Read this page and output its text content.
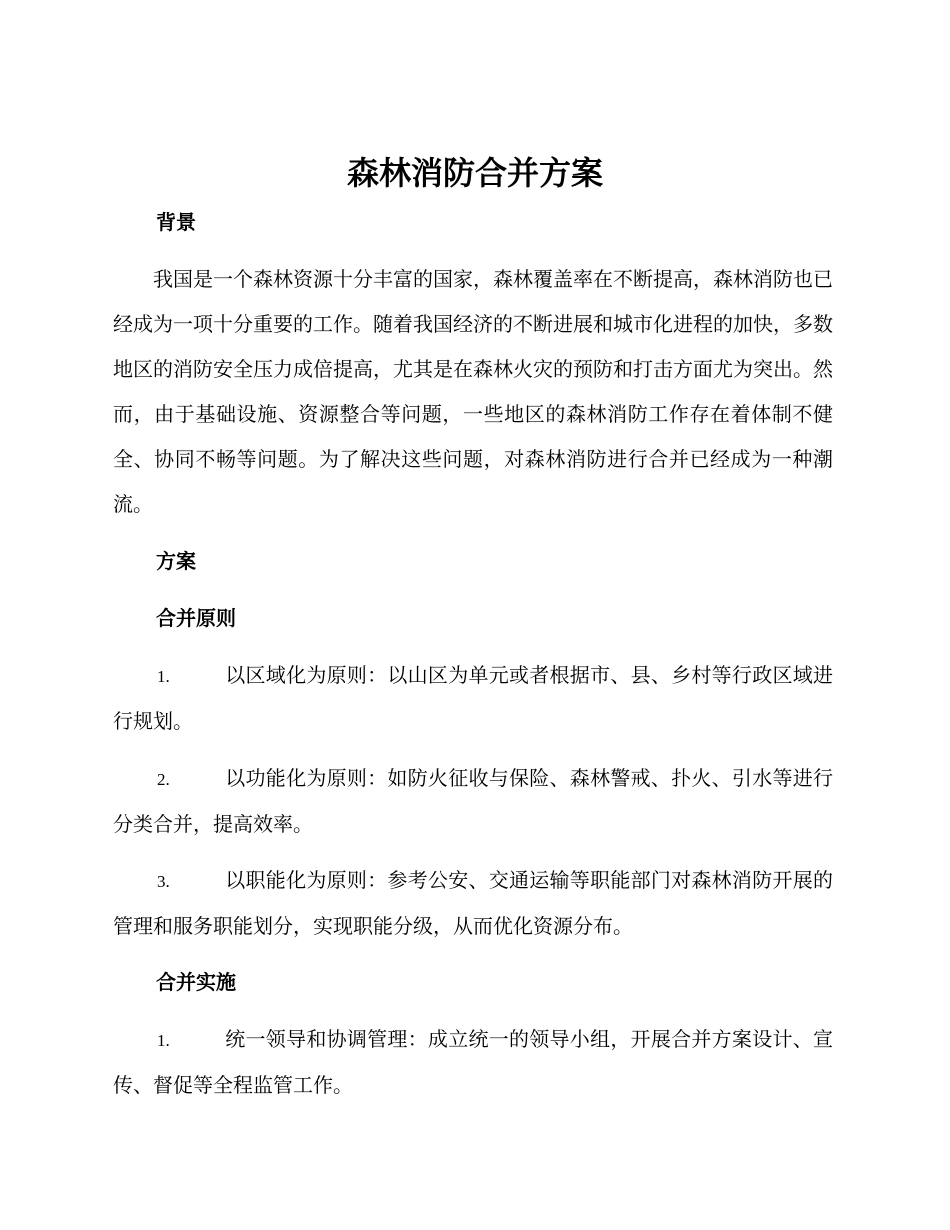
森林消防合并方案
背景

我国是一个森林资源十分丰富的国家，森林覆盖率在不断提高，森林消防也已经成为一项十分重要的工作。随着我国经济的不断进展和城市化进程的加快，多数地区的消防安全压力成倍提高，尤其是在森林火灾的预防和打击方面尤为突出。然而，由于基础设施、资源整合等问题，一些地区的森林消防工作存在着体制不健全、协同不畅等问题。为了解决这些问题，对森林消防进行合并已经成为一种潮流。

方案
合并原则

1.	以区域化为原则：以山区为单元或者根据市、县、乡村等行政区域进行规划。

2.	以功能化为原则：如防火征收与保险、森林警戒、扑火、引水等进行分类合并，提高效率。

3.	以职能化为原则：参考公安、交通运输等职能部门对森林消防开展的管理和服务职能划分，实现职能分级，从而优化资源分布。

合并实施

1.	统一领导和协调管理：成立统一的领导小组，开展合并方案设计、宣传、督促等全程监管工作。
